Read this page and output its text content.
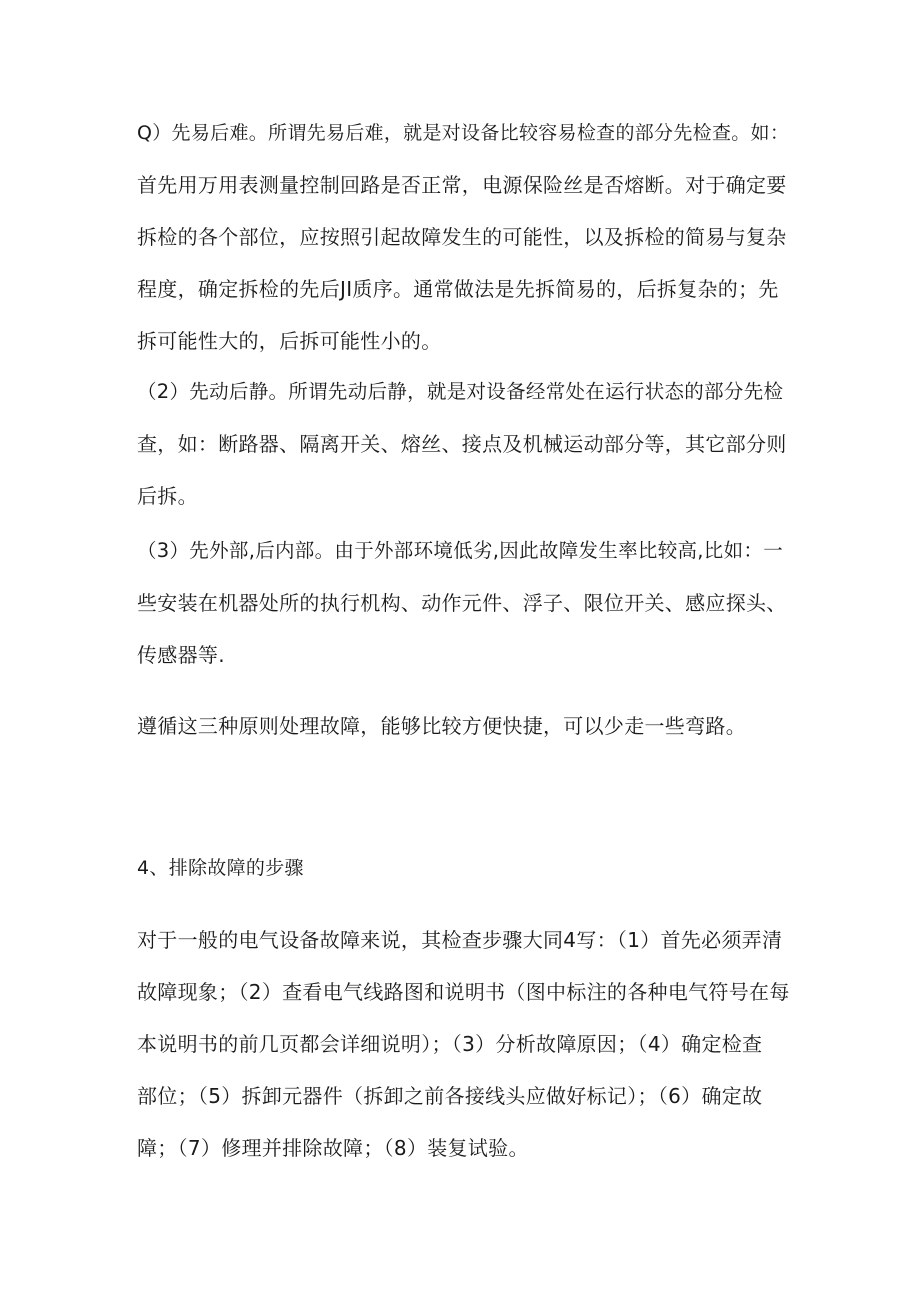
Q）先易后难。所谓先易后难，就是对设备比较容易检查的部分先检查。如：
首先用万用表测量控制回路是否正常，电源保险丝是否熔断。对于确定要
拆检的各个部位，应按照引起故障发生的可能性，以及拆检的简易与复杂
程度，确定拆检的先后JI质序。通常做法是先拆简易的，后拆复杂的；先
拆可能性大的，后拆可能性小的。
（2）先动后静。所谓先动后静，就是对设备经常处在运行状态的部分先检
查，如：断路器、隔离开关、熔丝、接点及机械运动部分等，其它部分则
后拆。
（3）先外部,后内部。由于外部环境低劣,因此故障发生率比较高,比如：一
些安装在机器处所的执行机构、动作元件、浮子、限位开关、感应探头、
传感器等.
遵循这三种原则处理故障，能够比较方便快捷，可以少走一些弯路。
4、排除故障的步骤
对于一般的电气设备故障来说，其检查步骤大同4写：（1）首先必须弄清
故障现象；（2）查看电气线路图和说明书（图中标注的各种电气符号在每
本说明书的前几页都会详细说明）；（3）分析故障原因；（4）确定检查
部位；（5）拆卸元器件（拆卸之前各接线头应做好标记）；（6）确定故
障；（7）修理并排除故障；（8）装复试验。
